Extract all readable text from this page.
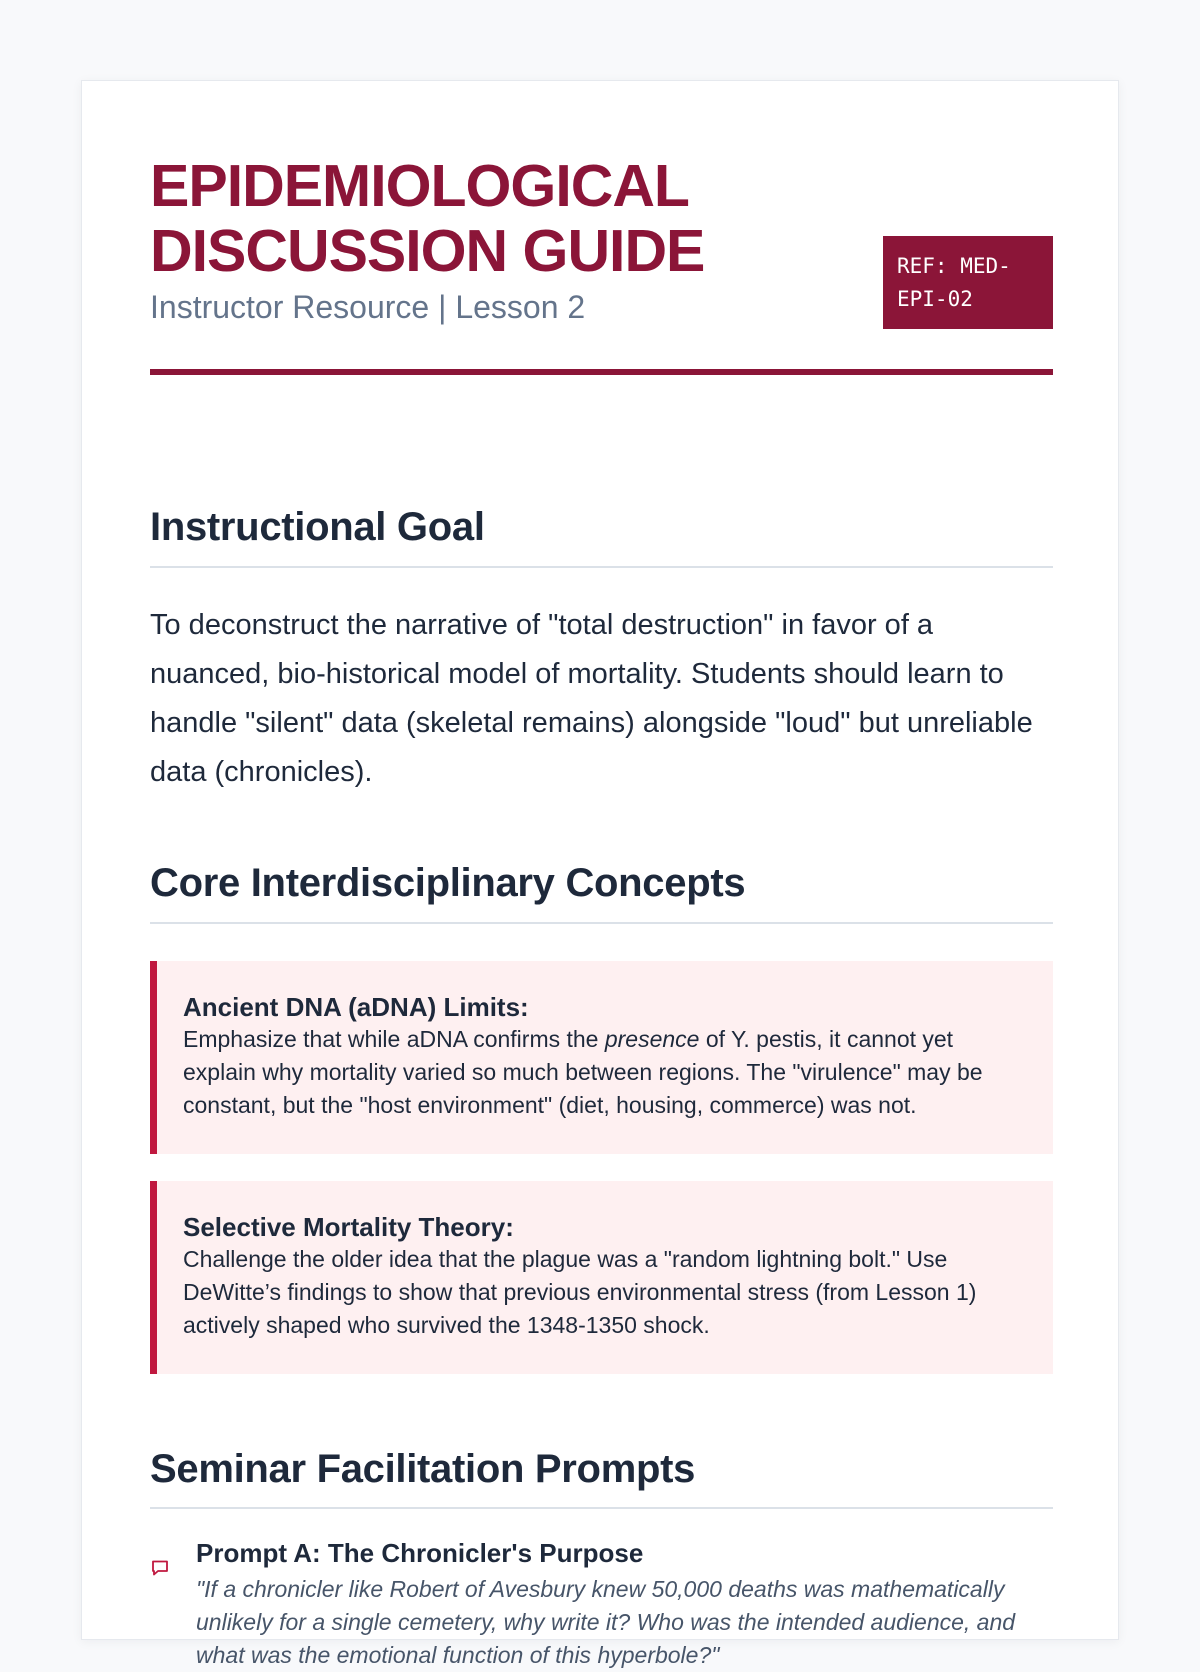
EPIDEMIOLOGICAL DISCUSSION GUIDE
Instructor Resource | Lesson 2
REF: MED-EPI-02
Instructional Goal

To deconstruct the narrative of "total destruction" in favor of a nuanced, bio-historical model of mortality. Students should learn to handle "silent" data (skeletal remains) alongside "loud" but unreliable data (chronicles).

Core Interdisciplinary Concepts
Ancient DNA (aDNA) Limits:
Emphasize that while aDNA confirms the presence of Y. pestis, it cannot yet explain why mortality varied so much between regions. The "virulence" may be constant, but the "host environment" (diet, housing, commerce) was not.
Selective Mortality Theory:
Challenge the older idea that the plague was a "random lightning bolt." Use DeWitte’s findings to show that previous environmental stress (from Lesson 1) actively shaped who survived the 1348-1350 shock.
Seminar Facilitation Prompts
Prompt A: The Chronicler's Purpose
"If a chronicler like Robert of Avesbury knew 50,000 deaths was mathematically unlikely for a single cemetery, why write it? Who was the intended audience, and what was the emotional function of this hyperbole?"
